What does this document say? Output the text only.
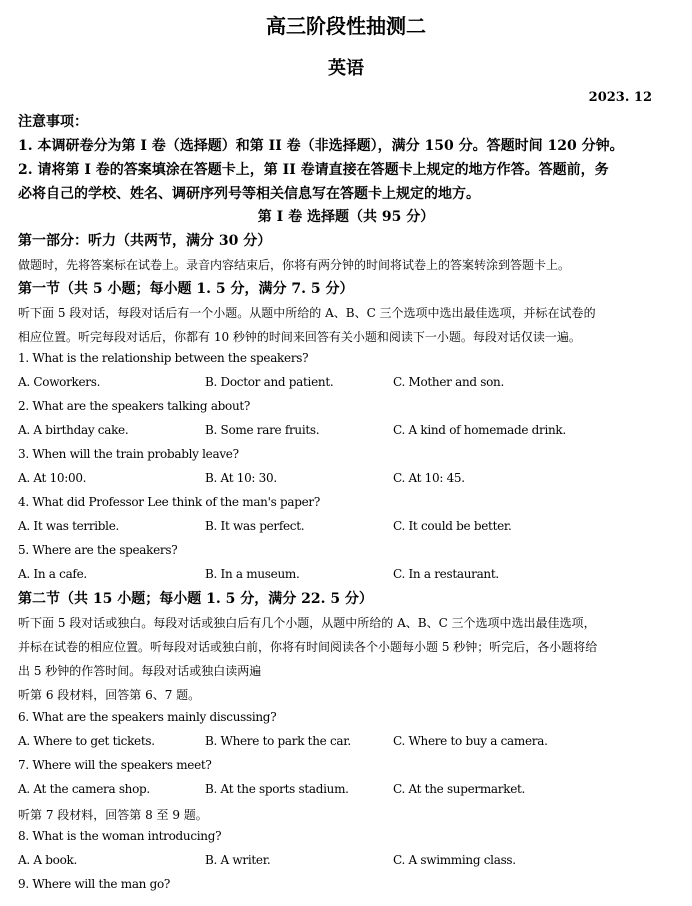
高三阶段性抽测二
英语
2023. 12
注意事项：
1. 本调研卷分为第 I 卷（选择题）和第 II 卷（非选择题），满分 150 分。答题时间 120 分钟。
2. 请将第 I 卷的答案填涂在答题卡上，第 II 卷请直接在答题卡上规定的地方作答。答题前，务
必将自己的学校、姓名、调研序列号等相关信息写在答题卡上规定的地方。
第 I 卷 选择题（共 95 分）
第一部分：听力（共两节，满分 30 分）
做题时，先将答案标在试卷上。录音内容结束后，你将有两分钟的时间将试卷上的答案转涂到答题卡上。
第一节（共 5 小题；每小题 1. 5 分，满分 7. 5 分）
听下面 5 段对话，每段对话后有一个小题。从题中所给的 A、B、C 三个选项中选出最佳选项，并标在试卷的
相应位置。听完每段对话后，你都有 10 秒钟的时间来回答有关小题和阅读下一小题。每段对话仅读一遍。
1. What is the relationship between the speakers?
A. Coworkers.	B. Doctor and patient.	C. Mother and son.
2. What are the speakers talking about?
A. A birthday cake.	B. Some rare fruits.	C. A kind of homemade drink.
3. When will the train probably leave?
A. At 10:00.	B. At 10: 30.	C. At 10: 45.
4. What did Professor Lee think of the man's paper?
A. It was terrible.	B. It was perfect.	C. It could be better.
5. Where are the speakers?
A. In a cafe.	B. In a museum.	C. In a restaurant.
第二节（共 15 小题；每小题 1. 5 分，满分 22. 5 分）
听下面 5 段对话或独白。每段对话或独白后有几个小题，从题中所给的 A、B、C 三个选项中选出最佳选项，
并标在试卷的相应位置。听每段对话或独白前，你将有时间阅读各个小题每小题 5 秒钟；听完后，各小题将给
出 5 秒钟的作答时间。每段对话或独白读两遍
听第 6 段材料，回答第 6、7 题。
6. What are the speakers mainly discussing?
A. Where to get tickets.	B. Where to park the car.	C. Where to buy a camera.
7. Where will the speakers meet?
A. At the camera shop.	B. At the sports stadium.	C. At the supermarket.
听第 7 段材料，回答第 8 至 9 题。
8. What is the woman introducing?
A. A book.	B. A writer.	C. A swimming class.
9. Where will the man go?
